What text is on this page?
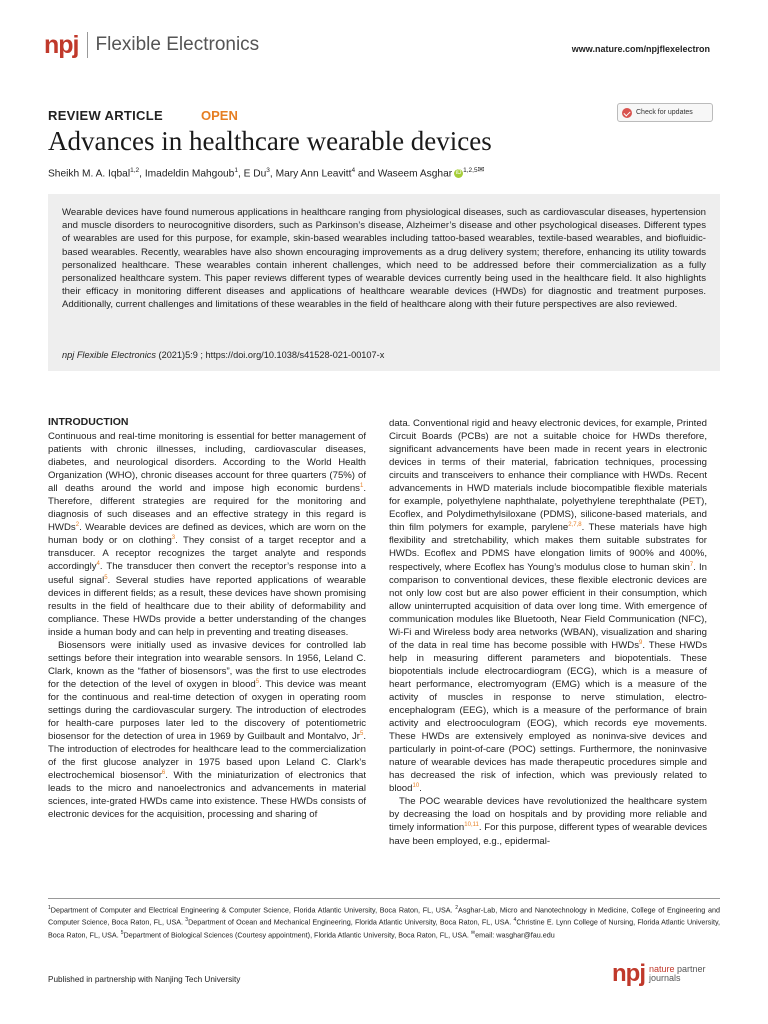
npj Flexible Electronics	www.nature.com/npjflexelectron
REVIEW ARTICLE	OPEN	Check for updates
Advances in healthcare wearable devices
Sheikh M. A. Iqbal$^{1,2}$, Imadeldin Mahgoub$^1$, E Du$^3$, Mary Ann Leavitt$^4$ and Waseem Asghar iD $^{1,2,5✉}$
Wearable devices have found numerous applications in healthcare ranging from physiological diseases, such as cardiovascular diseases, hypertension and muscle disorders to neurocognitive disorders, such as Parkinson’s disease, Alzheimer’s disease and other psychological diseases. Different types of wearables are used for this purpose, for example, skin-based wearables including tattoo-based wearables, textile-based wearables, and biofluidic-based wearables. Recently, wearables have also shown encouraging improvements as a drug delivery system; therefore, enhancing its utility towards personalized healthcare. These wearables contain inherent challenges, which need to be addressed before their commercialization as a fully personalized healthcare system. This paper reviews different types of wearable devices currently being used in the healthcare field. It also highlights their efficacy in monitoring different diseases and applications of healthcare wearable devices (HWDs) for diagnostic and treatment purposes. Additionally, current challenges and limitations of these wearables in the field of healthcare along with their future perspectives are also reviewed.
npj Flexible Electronics (2021)5:9 ; https://doi.org/10.1038/s41528-021-00107-x
INTRODUCTION

Continuous and real-time monitoring is essential for better management of patients with chronic illnesses, including, cardiovascular diseases, diabetes, and neurological disorders. According to the World Health Organization (WHO), chronic diseases account for three quarters (75%) of all deaths around the world and impose high economic burdens$^1$. Therefore, different strategies are required for the monitoring and diagnosis of such diseases and an effective strategy in this regard is HWDs$^2$. Wearable devices are defined as devices, which are worn on the human body or on clothing$^3$. They consist of a target receptor and a transducer. A receptor recognizes the target analyte and responds accordingly$^4$. The transducer then convert the receptor’s response into a useful signal$^5$. Several studies have reported applications of wearable devices in different fields; as a result, these devices have shown promising results in the field of healthcare due to their ability of deformability and compliance. These HWDs provide a better understanding of the changes inside a human body and can help in preventing and treating diseases.

Biosensors were initially used as invasive devices for controlled lab settings before their integration into wearable sensors. In 1956, Leland C. Clark, known as the “father of biosensors”, was the first to use electrodes for the detection of the level of oxygen in blood$^5$. This device was meant for the continuous and real-time detection of oxygen in operating room settings during the cardiovascular surgery. The introduction of electrodes for health-care purposes later led to the discovery of potentiometric biosensor for the detection of urea in 1969 by Guilbault and Montalvo, Jr$^5$. The introduction of electrodes for healthcare lead to the commercialization of the first glucose analyzer in 1975 based upon Leland C. Clark’s electrochemical biosensor$^6$. With the miniaturization of electronics that leads to the micro and nanoelectronics and advancements in material sciences, inte-grated HWDs came into existence. These HWDs consists of electronic devices for the acquisition, processing and sharing of

data. Conventional rigid and heavy electronic devices, for example, Printed Circuit Boards (PCBs) are not a suitable choice for HWDs therefore, significant advancements have been made in recent years in electronic devices in terms of their material, fabrication techniques, processing circuits and transceivers to enhance their compliance with HWDs. Recent advancements in HWD materials include biocompatible flexible materials for example, polyethylene naphthalate, polyethylene terephthalate (PET), Ecoflex, and Polydimethylsiloxane (PDMS), silicone-based materials, and thin film polymers for example, parylene$^{2,7,8}$. These materials have high flexibility and stretchability, which makes them suitable substrates for HWDs. Ecoflex and PDMS have elongation limits of 900% and 400%, respectively, where Ecoflex has Young’s modulus close to human skin$^7$. In comparison to conventional devices, these flexible electronic devices are not only low cost but are also power efficient in their consumption, which allow uninterrupted acquisition of data over long time. With emergence of communication modules like Bluetooth, Near Field Communication (NFC), Wi-Fi and Wireless body area networks (WBAN), visualization and sharing of the data in real time has become possible with HWDs$^9$. These HWDs help in measuring different parameters and biopotentials. These biopotentials include electrocardiogram (ECG), which is a measure of heart performance, electromyogram (EMG) which is a measure of the activity of muscles in response to nerve stimulation, electro-encephalogram (EEG), which is a measure of the performance of brain activity and electrooculogram (EOG), which records eye movements. These HWDs are extensively employed as noninva-sive devices and particularly in point-of-care (POC) settings. Furthermore, the noninvasive nature of wearable devices has made therapeutic procedures simple and has decreased the risk of infection, which was previously related to blood$^{10}$.

The POC wearable devices have revolutionized the healthcare system by decreasing the load on hospitals and by providing more reliable and timely information$^{10,11}$. For this purpose, different types of wearable devices have been employed, e.g., epidermal-

$^1$Department of Computer and Electrical Engineering & Computer Science, Florida Atlantic University, Boca Raton, FL, USA. $^2$Asghar-Lab, Micro and Nanotechnology in Medicine, College of Engineering and Computer Science, Boca Raton, FL, USA. $^3$Department of Ocean and Mechanical Engineering, Florida Atlantic University, Boca Raton, FL, USA. $^4$Christine E. Lynn College of Nursing, Florida Atlantic University, Boca Raton, FL, USA. $^5$Department of Biological Sciences (Courtesy appointment), Florida Atlantic University, Boca Raton, FL, USA. ✉email: wasghar@fau.edu
Published in partnership with Nanjing Tech University	npj nature partner
journals
